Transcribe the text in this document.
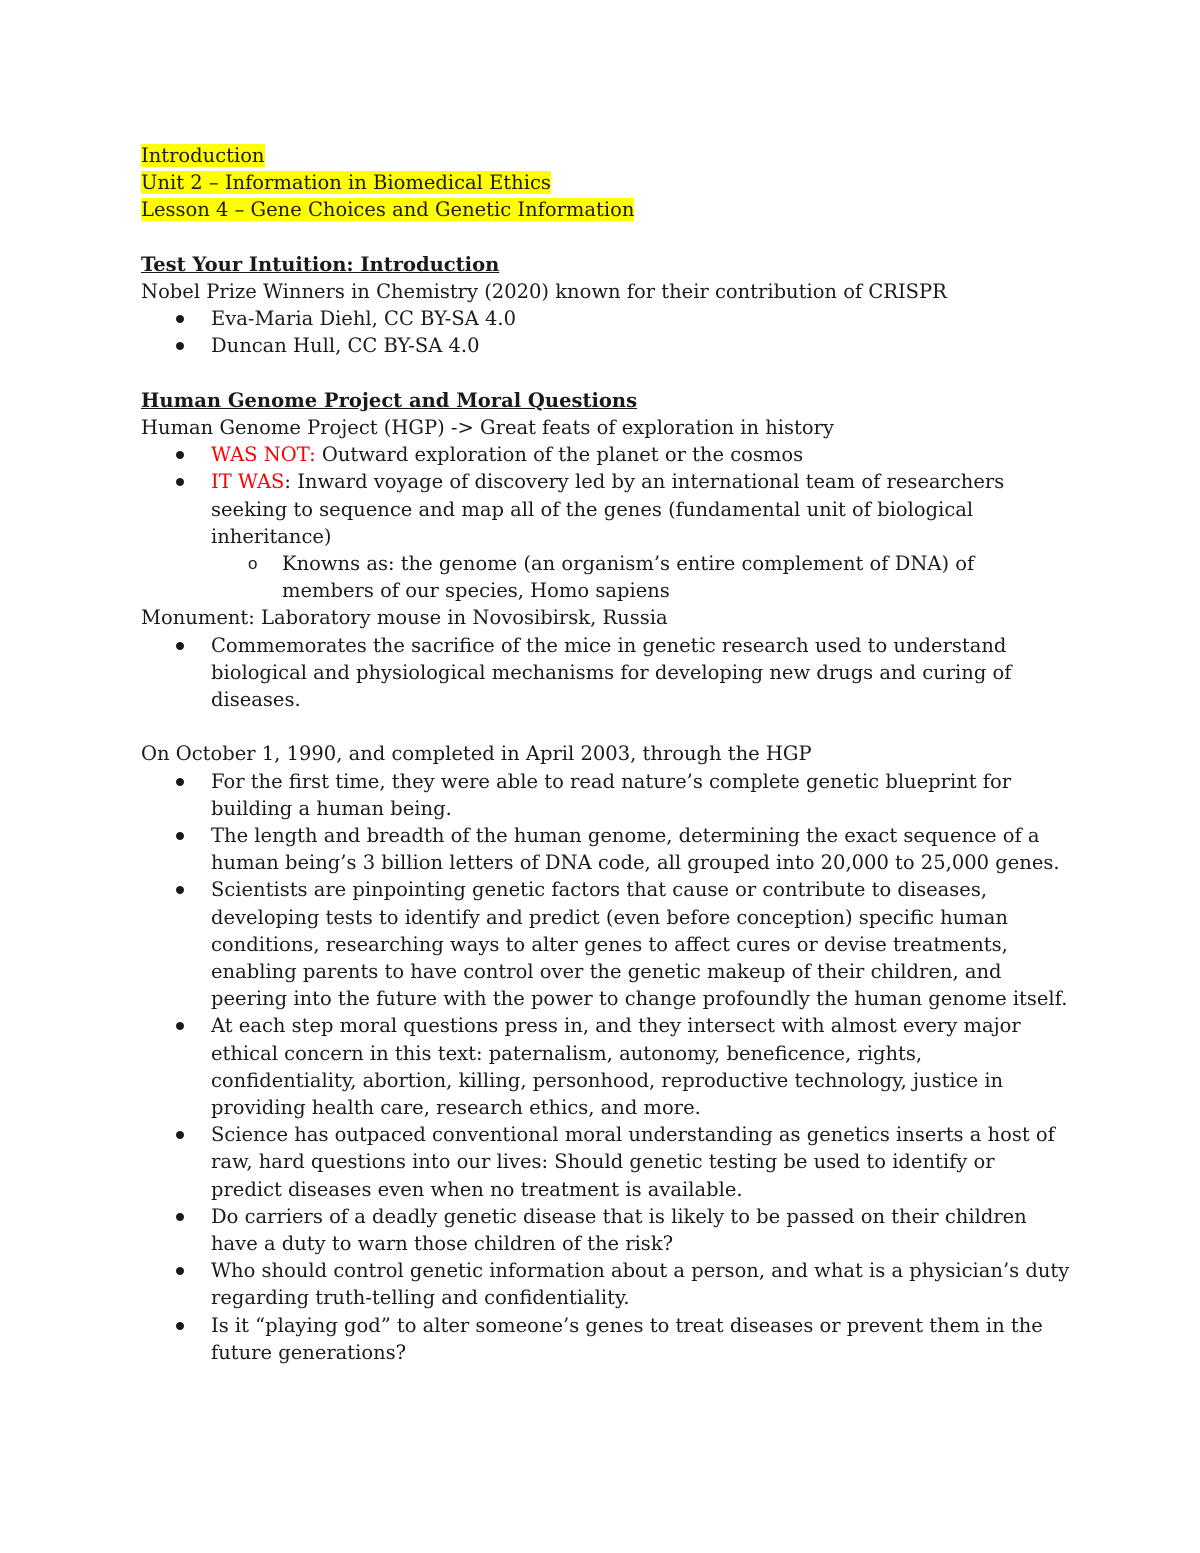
Introduction
Unit 2 – Information in Biomedical Ethics
Lesson 4 – Gene Choices and Genetic Information
Test Your Intuition: Introduction
Nobel Prize Winners in Chemistry (2020) known for their contribution of CRISPR
Eva-Maria Diehl, CC BY-SA 4.0
Duncan Hull, CC BY-SA 4.0
Human Genome Project and Moral Questions
Human Genome Project (HGP) -> Great feats of exploration in history
WAS NOT: Outward exploration of the planet or the cosmos
IT WAS: Inward voyage of discovery led by an international team of researchers seeking to sequence and map all of the genes (fundamental unit of biological inheritance)
o Knowns as: the genome (an organism’s entire complement of DNA) of members of our species, Homo sapiens
Monument: Laboratory mouse in Novosibirsk, Russia
Commemorates the sacrifice of the mice in genetic research used to understand biological and physiological mechanisms for developing new drugs and curing of diseases.
On October 1, 1990, and completed in April 2003, through the HGP
For the first time, they were able to read nature’s complete genetic blueprint for building a human being.
The length and breadth of the human genome, determining the exact sequence of a human being’s 3 billion letters of DNA code, all grouped into 20,000 to 25,000 genes.
Scientists are pinpointing genetic factors that cause or contribute to diseases, developing tests to identify and predict (even before conception) specific human conditions, researching ways to alter genes to affect cures or devise treatments, enabling parents to have control over the genetic makeup of their children, and peering into the future with the power to change profoundly the human genome itself.
At each step moral questions press in, and they intersect with almost every major ethical concern in this text: paternalism, autonomy, beneficence, rights, confidentiality, abortion, killing, personhood, reproductive technology, justice in providing health care, research ethics, and more.
Science has outpaced conventional moral understanding as genetics inserts a host of raw, hard questions into our lives: Should genetic testing be used to identify or predict diseases even when no treatment is available.
Do carriers of a deadly genetic disease that is likely to be passed on their children have a duty to warn those children of the risk?
Who should control genetic information about a person, and what is a physician’s duty regarding truth-telling and confidentiality.
Is it “playing god” to alter someone’s genes to treat diseases or prevent them in the future generations?
